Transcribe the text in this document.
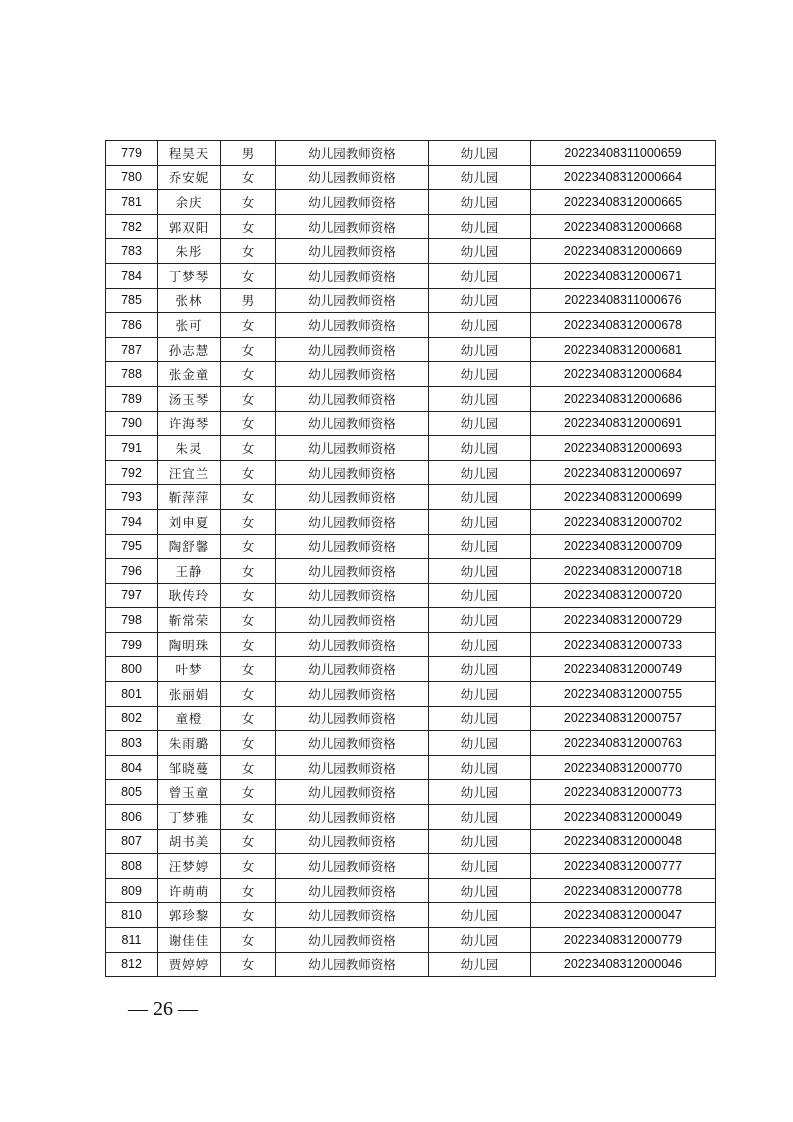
779	程昊天	男	幼儿园教师资格	幼儿园	20223408311000659
780	乔安妮	女	幼儿园教师资格	幼儿园	20223408312000664
781	余庆	女	幼儿园教师资格	幼儿园	20223408312000665
782	郭双阳	女	幼儿园教师资格	幼儿园	20223408312000668
783	朱彤	女	幼儿园教师资格	幼儿园	20223408312000669
784	丁梦琴	女	幼儿园教师资格	幼儿园	20223408312000671
785	张林	男	幼儿园教师资格	幼儿园	20223408311000676
786	张可	女	幼儿园教师资格	幼儿园	20223408312000678
787	孙志慧	女	幼儿园教师资格	幼儿园	20223408312000681
788	张金童	女	幼儿园教师资格	幼儿园	20223408312000684
789	汤玉琴	女	幼儿园教师资格	幼儿园	20223408312000686
790	许海琴	女	幼儿园教师资格	幼儿园	20223408312000691
791	朱灵	女	幼儿园教师资格	幼儿园	20223408312000693
792	汪宜兰	女	幼儿园教师资格	幼儿园	20223408312000697
793	靳萍萍	女	幼儿园教师资格	幼儿园	20223408312000699
794	刘申夏	女	幼儿园教师资格	幼儿园	20223408312000702
795	陶舒馨	女	幼儿园教师资格	幼儿园	20223408312000709
796	王静	女	幼儿园教师资格	幼儿园	20223408312000718
797	耿传玲	女	幼儿园教师资格	幼儿园	20223408312000720
798	靳常荣	女	幼儿园教师资格	幼儿园	20223408312000729
799	陶明珠	女	幼儿园教师资格	幼儿园	20223408312000733
800	叶梦	女	幼儿园教师资格	幼儿园	20223408312000749
801	张丽娟	女	幼儿园教师资格	幼儿园	20223408312000755
802	童橙	女	幼儿园教师资格	幼儿园	20223408312000757
803	朱雨璐	女	幼儿园教师资格	幼儿园	20223408312000763
804	邹晓蔓	女	幼儿园教师资格	幼儿园	20223408312000770
805	曾玉童	女	幼儿园教师资格	幼儿园	20223408312000773
806	丁梦雅	女	幼儿园教师资格	幼儿园	20223408312000049
807	胡书美	女	幼儿园教师资格	幼儿园	20223408312000048
808	汪梦婷	女	幼儿园教师资格	幼儿园	20223408312000777
809	许萌萌	女	幼儿园教师资格	幼儿园	20223408312000778
810	郭珍黎	女	幼儿园教师资格	幼儿园	20223408312000047
811	谢佳佳	女	幼儿园教师资格	幼儿园	20223408312000779
812	贾婷婷	女	幼儿园教师资格	幼儿园	20223408312000046
— 26 —
